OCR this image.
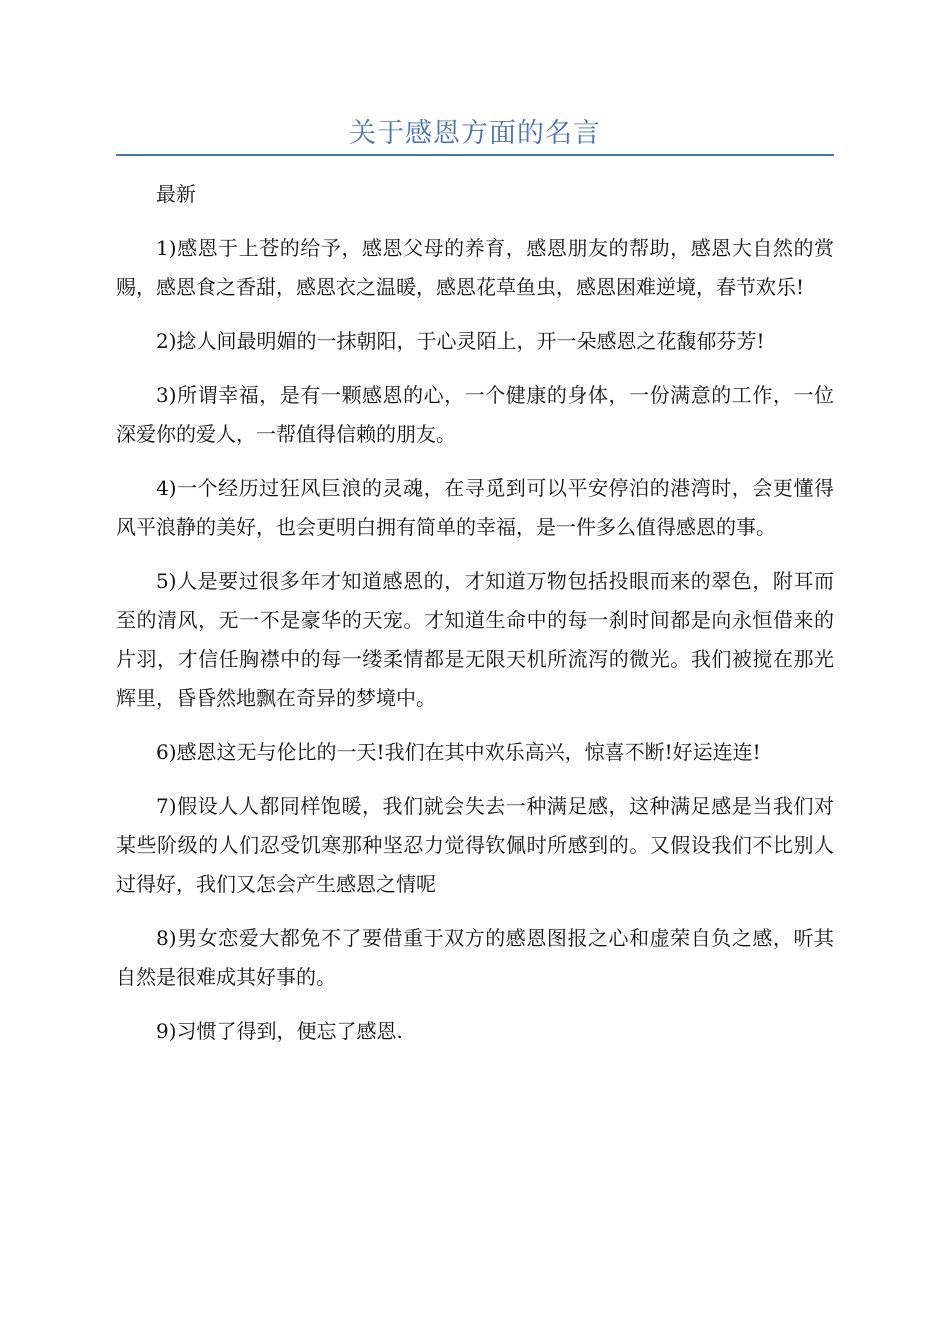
关于感恩方面的名言

最新

1)感恩于上苍的给予，感恩父母的养育，感恩朋友的帮助，感恩大自然的赏赐，感恩食之香甜，感恩衣之温暖，感恩花草鱼虫，感恩困难逆境，春节欢乐!

2)捻人间最明媚的一抹朝阳，于心灵陌上，开一朵感恩之花馥郁芬芳!

3)所谓幸福，是有一颗感恩的心，一个健康的身体，一份满意的工作，一位深爱你的爱人，一帮值得信赖的朋友。

4)一个经历过狂风巨浪的灵魂，在寻觅到可以平安停泊的港湾时，会更懂得风平浪静的美好，也会更明白拥有简单的幸福，是一件多么值得感恩的事。

5)人是要过很多年才知道感恩的，才知道万物包括投眼而来的翠色，附耳而至的清风，无一不是豪华的天宠。才知道生命中的每一刹时间都是向永恒借来的片羽，才信任胸襟中的每一缕柔情都是无限天机所流泻的微光。我们被搅在那光辉里，昏昏然地飘在奇异的梦境中。

6)感恩这无与伦比的一天!我们在其中欢乐高兴，惊喜不断!好运连连!

7)假设人人都同样饱暖，我们就会失去一种满足感，这种满足感是当我们对某些阶级的人们忍受饥寒那种坚忍力觉得钦佩时所感到的。又假设我们不比别人过得好，我们又怎会产生感恩之情呢

8)男女恋爱大都免不了要借重于双方的感恩图报之心和虚荣自负之感，听其自然是很难成其好事的。

9)习惯了得到，便忘了感恩.
